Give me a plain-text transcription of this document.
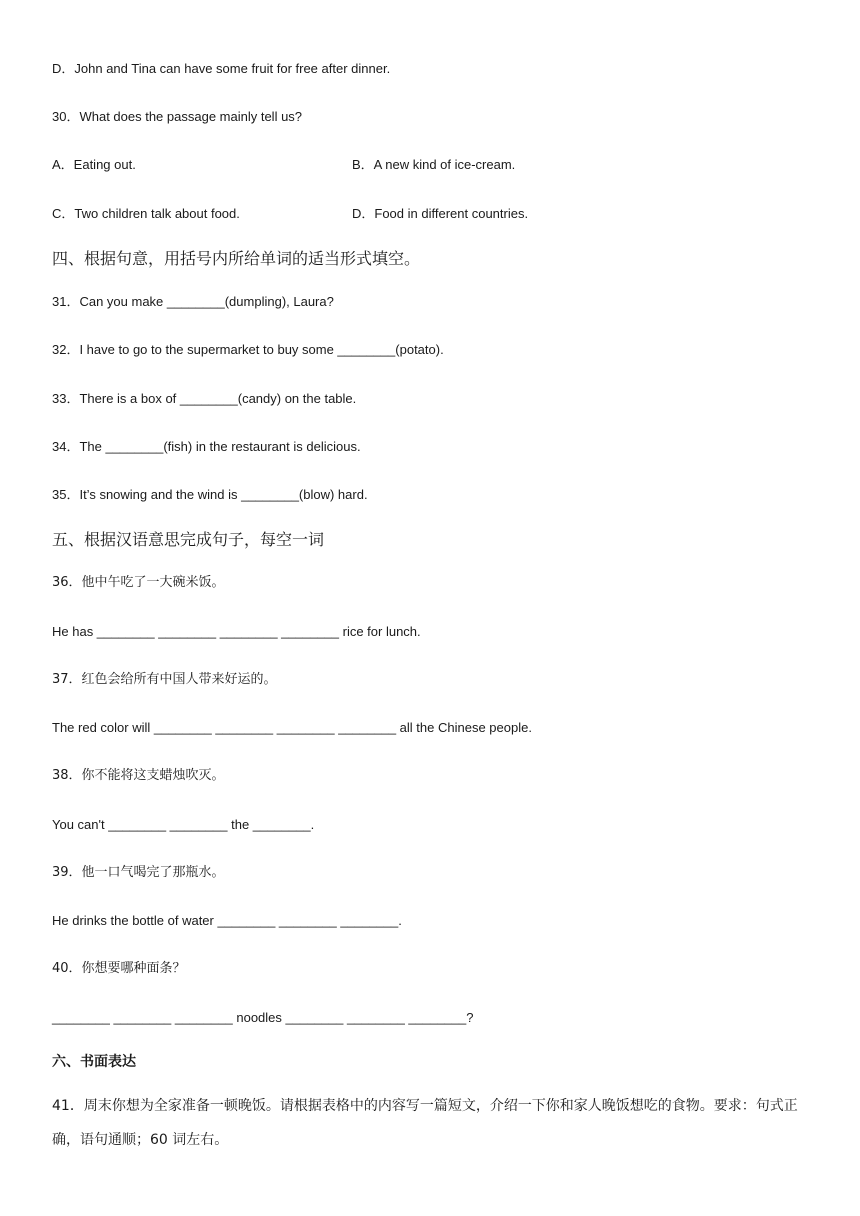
D．John and Tina can have some fruit for free after dinner.
30．What does the passage mainly tell us?
A．Eating out.	B．A new kind of ice-cream.
C．Two children talk about food.	D．Food in different countries.
四、根据句意，用括号内所给单词的适当形式填空。
31．Can you make ________(dumpling), Laura?
32．I have to go to the supermarket to buy some ________(potato).
33．There is a box of ________(candy) on the table.
34．The ________(fish) in the restaurant is delicious.
35．It’s snowing and the wind is ________(blow) hard.
五、根据汉语意思完成句子，每空一词
36．他中午吃了一大碗米饭。
He has ________ ________ ________ ________ rice for lunch.
37．红色会给所有中国人带来好运的。
The red color will ________ ________ ________ ________ all the Chinese people.
38．你不能将这支蜡烛吹灭。
You can't ________ ________ the ________.
39．他一口气喝完了那瓶水。
He drinks the bottle of water ________ ________ ________.
40．你想要哪种面条？
________ ________ ________ noodles ________ ________ ________?
六、书面表达
41．周末你想为全家准备一顿晚饭。请根据表格中的内容写一篇短文，介绍一下你和家人晚饭想吃的食物。要求：句式正确，语句通顺；60 词左右。
